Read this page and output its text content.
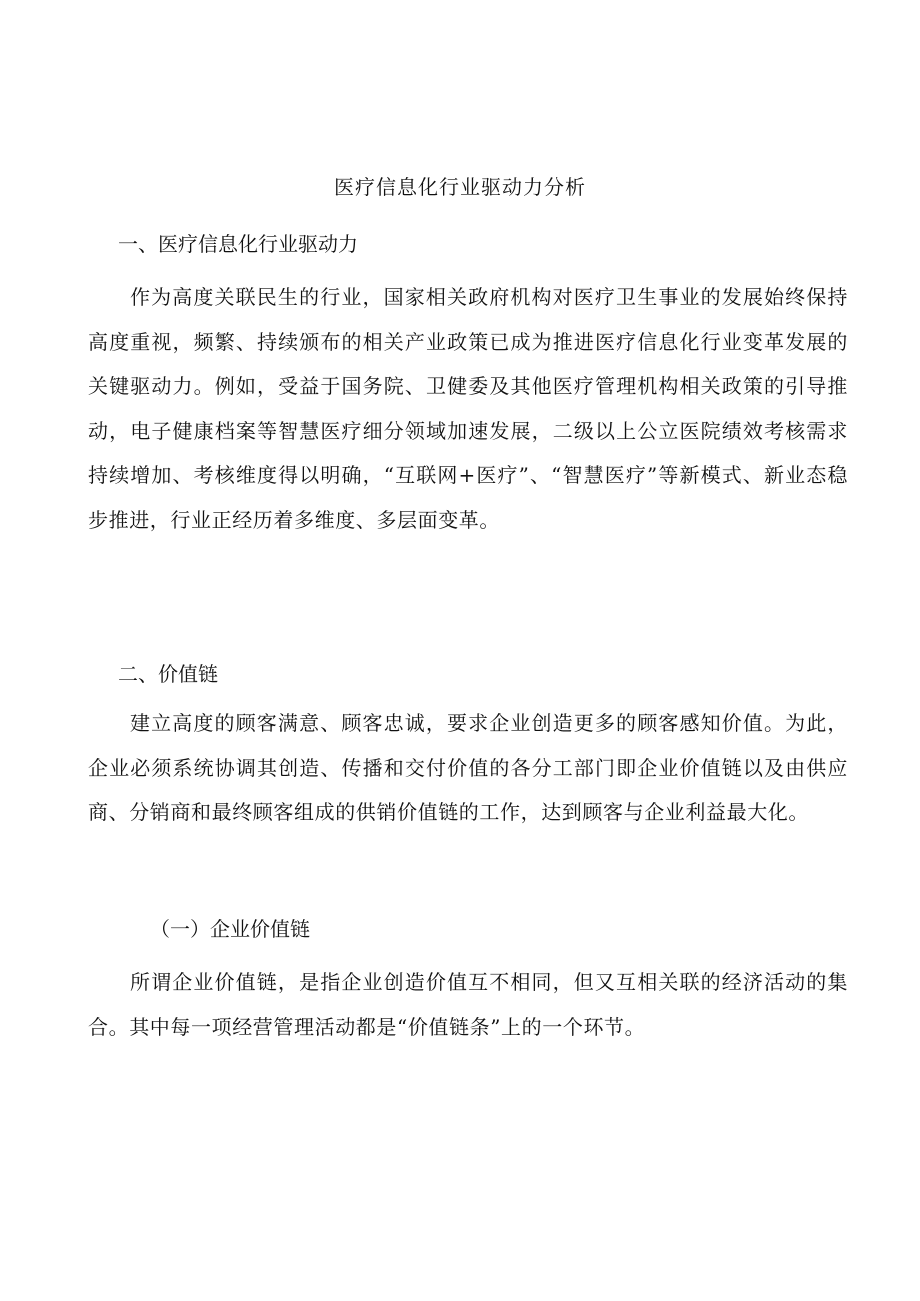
医疗信息化行业驱动力分析
一、医疗信息化行业驱动力

作为高度关联民生的行业，国家相关政府机构对医疗卫生事业的发展始终保持高度重视，频繁、持续颁布的相关产业政策已成为推进医疗信息化行业变革发展的关键驱动力。例如，受益于国务院、卫健委及其他医疗管理机构相关政策的引导推动，电子健康档案等智慧医疗细分领域加速发展，二级以上公立医院绩效考核需求持续增加、考核维度得以明确，“互联网+医疗”、“智慧医疗”等新模式、新业态稳步推进，行业正经历着多维度、多层面变革。

二、价值链

建立高度的顾客满意、顾客忠诚，要求企业创造更多的顾客感知价值。为此，企业必须系统协调其创造、传播和交付价值的各分工部门即企业价值链以及由供应商、分销商和最终顾客组成的供销价值链的工作，达到顾客与企业利益最大化。

（一）企业价值链

所谓企业价值链，是指企业创造价值互不相同，但又互相关联的经济活动的集合。其中每一项经营管理活动都是“价值链条”上的一个环节。
